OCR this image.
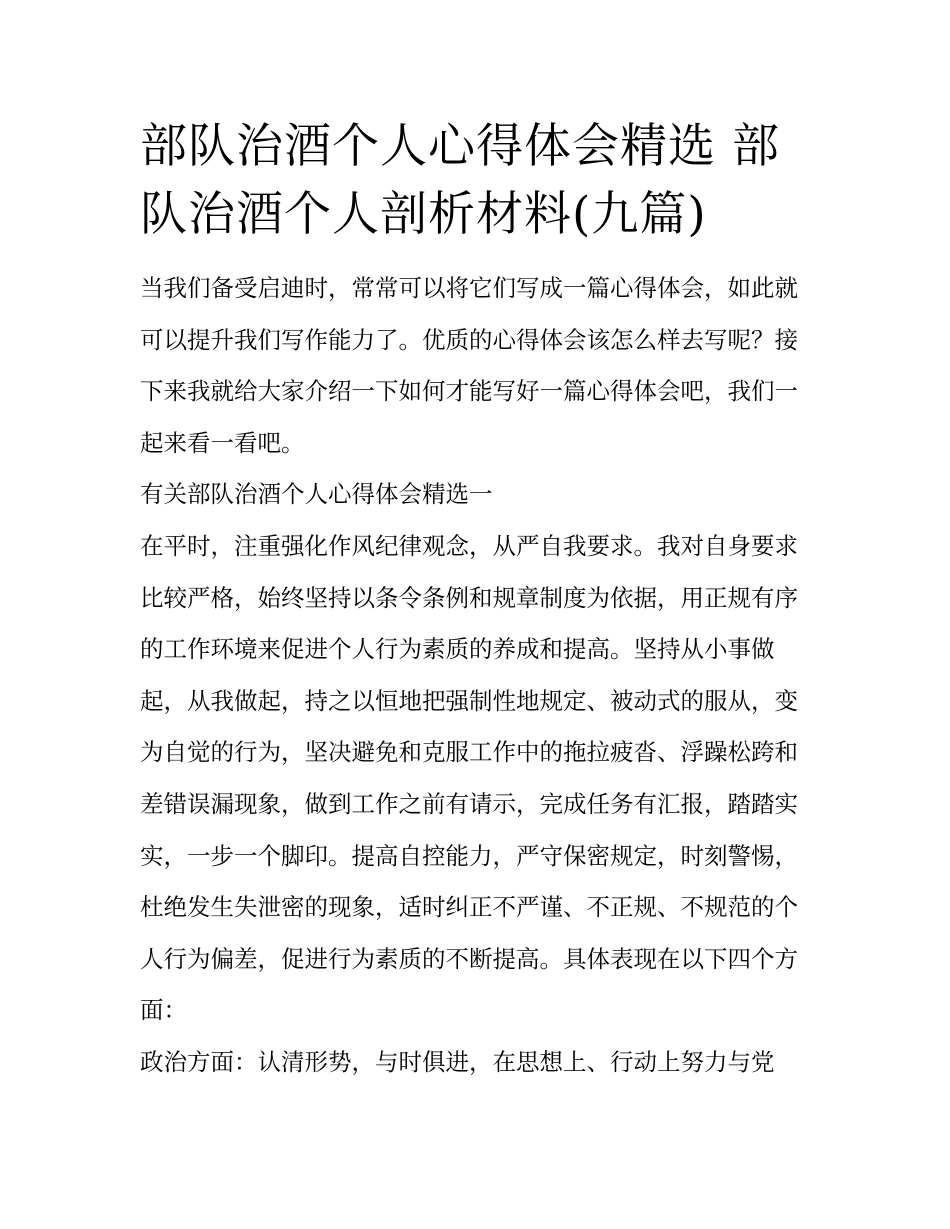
部队治酒个人心得体会精选 部队治酒个人剖析材料(九篇)

当我们备受启迪时，常常可以将它们写成一篇心得体会，如此就可以提升我们写作能力了。优质的心得体会该怎么样去写呢？接下来我就给大家介绍一下如何才能写好一篇心得体会吧，我们一起来看一看吧。

有关部队治酒个人心得体会精选一

在平时，注重强化作风纪律观念，从严自我要求。我对自身要求比较严格，始终坚持以条令条例和规章制度为依据，用正规有序的工作环境来促进个人行为素质的养成和提高。坚持从小事做起，从我做起，持之以恒地把强制性地规定、被动式的服从，变为自觉的行为，坚决避免和克服工作中的拖拉疲沓、浮躁松跨和差错误漏现象，做到工作之前有请示，完成任务有汇报，踏踏实实，一步一个脚印。提高自控能力，严守保密规定，时刻警惕，杜绝发生失泄密的现象，适时纠正不严谨、不正规、不规范的个人行为偏差，促进行为素质的不断提高。具体表现在以下四个方面：

政治方面：认清形势，与时俱进，在思想上、行动上努力与党
